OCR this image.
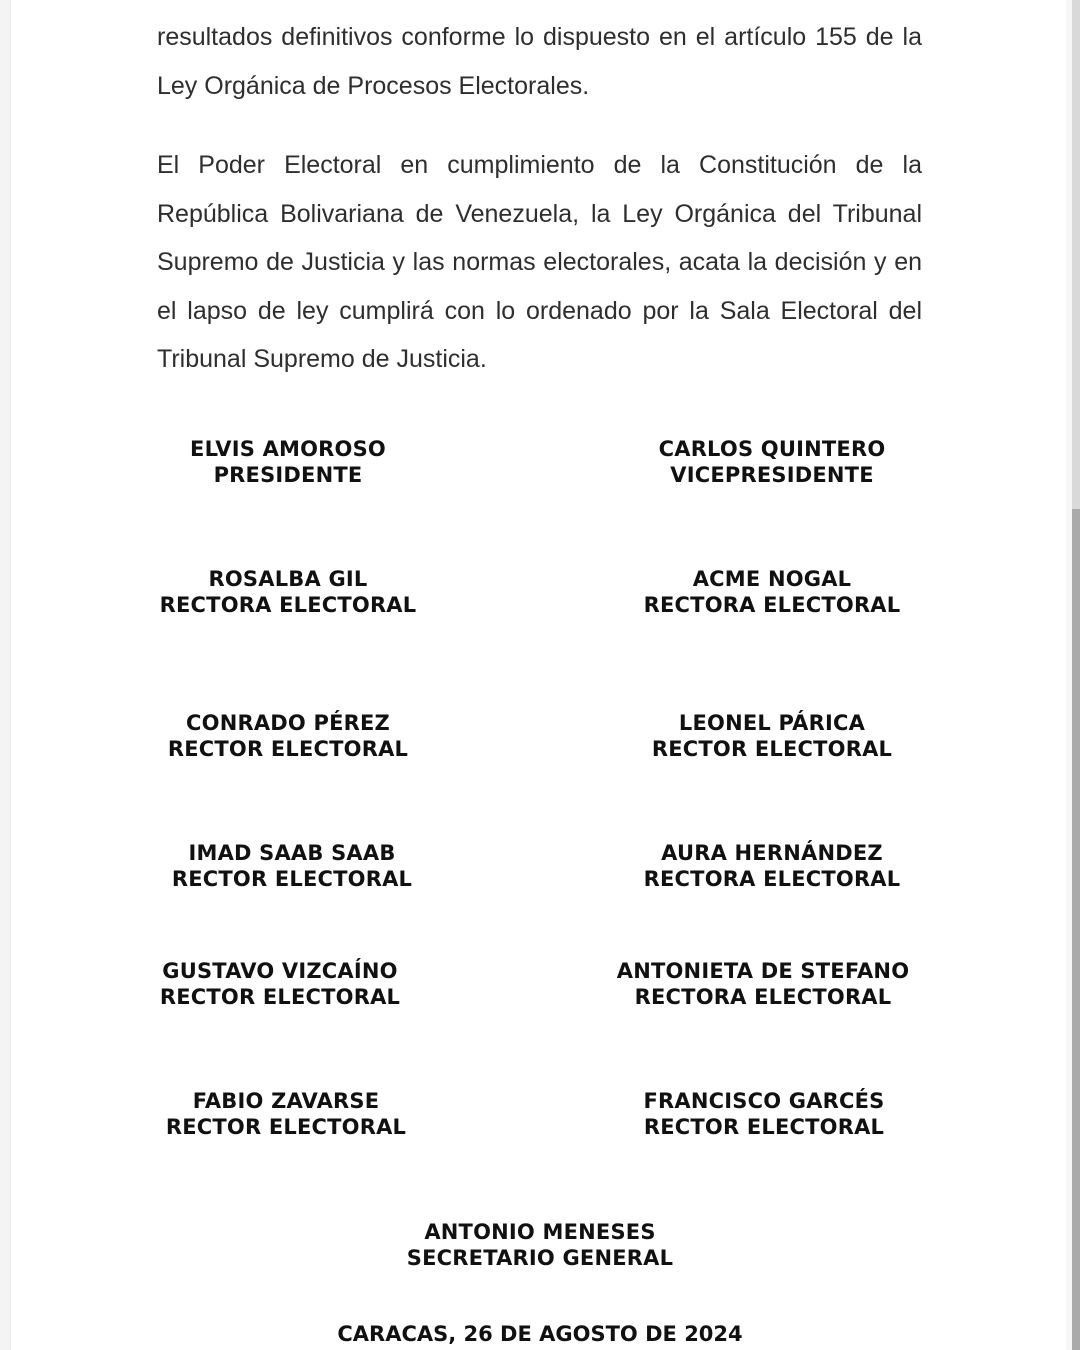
resultados definitivos conforme lo dispuesto en el artículo 155 de la
Ley Orgánica de Procesos Electorales.
El Poder Electoral en cumplimiento de la Constitución de la
República Bolivariana de Venezuela, la Ley Orgánica del Tribunal
Supremo de Justicia y las normas electorales, acata la decisión y en
el lapso de ley cumplirá con lo ordenado por la Sala Electoral del
Tribunal Supremo de Justicia.
ELVIS AMOROSO
PRESIDENTE
CARLOS QUINTERO
VICEPRESIDENTE
ROSALBA GIL
RECTORA ELECTORAL
ACME NOGAL
RECTORA ELECTORAL
CONRADO PÉREZ
RECTOR ELECTORAL
LEONEL PÁRICA
RECTOR ELECTORAL
IMAD SAAB SAAB
RECTOR ELECTORAL
AURA HERNÁNDEZ
RECTORA ELECTORAL
GUSTAVO VIZCAÍNO
RECTOR ELECTORAL
ANTONIETA DE STEFANO
RECTORA ELECTORAL
FABIO ZAVARSE
RECTOR ELECTORAL
FRANCISCO GARCÉS
RECTOR ELECTORAL
ANTONIO MENESES
SECRETARIO GENERAL
CARACAS, 26 DE AGOSTO DE 2024
